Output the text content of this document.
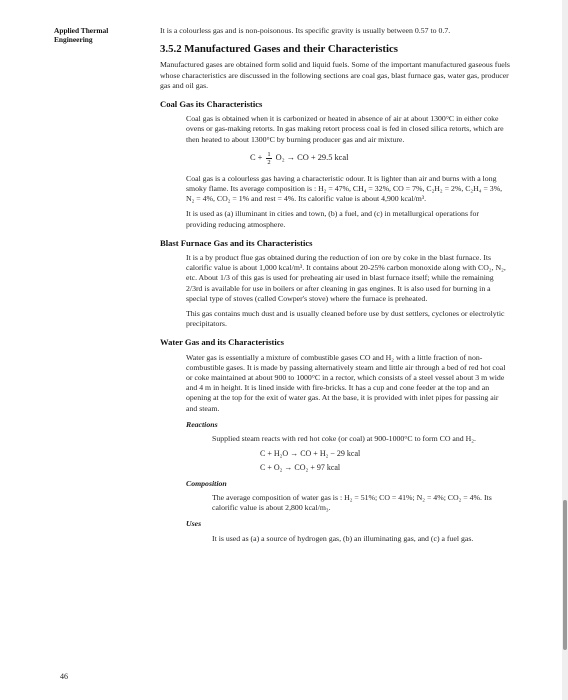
Applied Thermal
Engineering

It is a colourless gas and is non-poisonous. Its specific gravity is usually between 0.57 to 0.7.

3.5.2 Manufactured Gases and their Characteristics

Manufactured gases are obtained form solid and liquid fuels. Some of the important manufactured gaseous fuels whose characteristics are discussed in the following sections are coal gas, blast furnace gas, water gas, producer gas and oil gas.

Coal Gas its Characteristics

Coal gas is obtained when it is carbonized or heated in absence of air at about 1300°C in either coke ovens or gas-making retorts. In gas making retort process coal is fed in closed silica retorts, which are then heated to about 1300°C by burning producer gas and air mixture.

$C + \frac{1}{2} O_2$ → CO + 29.5 kcal

Coal gas is a colourless gas having a characteristic odour. It is lighter than air and burns with a long smoky flame. Its average composition is : H₂ = 47%, CH₄ = 32%, CO = 7%, C₂H₂ = 2%, C₂H₄ = 3%, N₂ = 4%, CO₂ = 1% and rest = 4%. Its calorific value is about 4,900 kcal/m³.

It is used as (a) illuminant in cities and town, (b) a fuel, and (c) in metallurgical operations for providing reducing atmosphere.

Blast Furnace Gas and its Characteristics

It is a by product flue gas obtained during the reduction of ion ore by coke in the blast furnace. Its calorific value is about 1,000 kcal/m³. It contains about 20-25% carbon monoxide along with CO₂, N₂, etc. About 1/3 of this gas is used for preheating air used in blast furnace itself; while the remaining 2/3rd is available for use in boilers or after cleaning in gas engines. It is also used for burning in a special type of stoves (called Cowper's stove) where the furnace is preheated.

This gas contains much dust and is usually cleaned before use by dust settlers, cyclones or electrolytic precipitators.

Water Gas and its Characteristics

Water gas is essentially a mixture of combustible gases CO and H₂ with a little fraction of non-combustible gases. It is made by passing alternatively steam and little air through a bed of red hot coal or coke maintained at about 900 to 1000°C in a rector, which consists of a steel vessel about 3 m wide and 4 m in height. It is lined inside with fire-bricks. It has a cup and cone feeder at the top and an opening at the top for the exit of water gas. At the base, it is provided with inlet pipes for passing air and steam.

Reactions

Supplied steam reacts with red hot coke (or coal) at 900-1000°C to form CO and H₂.

C + H₂O → CO + H₂ − 29 kcal
C + O₂ → CO₂ + 97 kcal
Composition

The average composition of water gas is : H₂ = 51%; CO = 41%; N₂ = 4%; CO₂ = 4%. Its calorific value is about 2,800 kcal/m₃.

Uses

It is used as (a) a source of hydrogen gas, (b) an illuminating gas, and (c) a fuel gas.

46
